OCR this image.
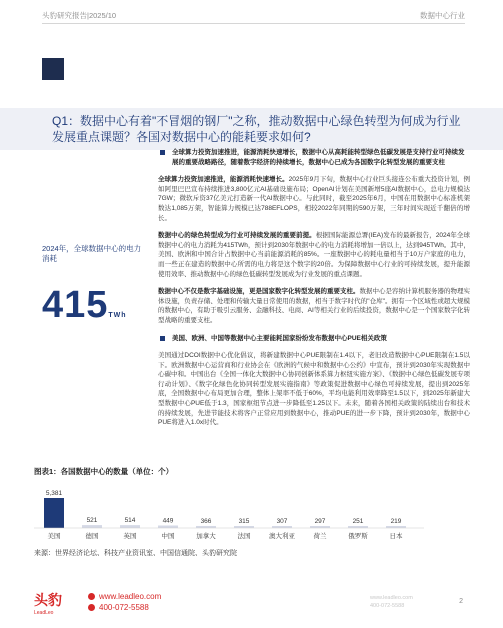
头豹研究报告|2025/10	数据中心行业
Q1：数据中心有着"不冒烟的钢厂"之称，推动数据中心绿色转型为何成为行业发展重点课题？各国对数据中心的能耗要求如何?
2024年，全球数据中心的电力消耗
415TWh
全球算力投资加速推进，能源消耗快速增长，数据中心从高耗能转型绿色低碳发展是支持行业可持续发展的重要战略路径，随着数字经济的持续增长，数据中心已成为各国数字化转型发展的重要支柱
全球算力投资加速推进，能源消耗快速增长。2025年9月下旬，数据中心行业巨头接连公布重大投资计划，例如阿里巴巴宣布持续推进3,800亿元AI基础设施布局；OpenAI计划在美国新增5座AI数据中心，总电力规模达7GW；微软斥资37亿美元打造新一代AI数据中心。与此同时，截至2025年6月，中国在用数据中心标准机架数达1,085万架，智能算力规模已达788EFLOPS，相较2022年同期的590万架，三年时间实现近千翻倍的增长。
数据中心的绿色转型成为行业可持续发展的重要前提。根据国际能源总署(IEA)发布的最新报告，2024年全球数据中心的电力消耗为415TWh，预计到2030年数据中心的电力消耗将增加一倍以上，达到945TWh。其中，美国、欧洲和中国合计占数据中心当前能源消耗的85%。一座数据中心的耗电量相当于10万户家庭的电力，而一些正在建造的数据中心所需的电力将是这个数字的20倍。为保障数据中心行业的可持续发展，提升能源使用效率、推动数据中心的绿色低碳转型发展成为行业发展的重点课题。
数据中心不仅是数字基础设施，更是国家数字化转型发展的重要支柱。数据中心是容纳计算机服务器的物理实体设施，负责存储、处理和传输大量日常使用的数据，相当于数字时代的"仓库"。拥有一个区域性或超大规模的数据中心，有助于吸引云服务、金融科技、电商、AI等相关行业的后续投资，数据中心是一个国家数字化转型战略的重要支柱。
美国、欧洲、中国等数据中心主要能耗国家纷纷发布数据中心PUE相关政策
美国通过DCOI数据中心优化倡议，将新建数据中心PUE限制在1.4以下，老旧改造数据中心PUE限制在1.5以下。欧洲数据中心运营商和行业协会在《欧洲的气候中和数据中心公约》中宣布，预计到2030年实现数据中心碳中和。中国出台《全国一体化大数据中心协同创新体系算力枢纽实施方案》、《数据中心绿色低碳发展专项行动计划》、《数字化绿色化协同转型发展实施指南》等政策促进数据中心绿色可持续发展，提出到2025年底，全国数据中心布局更加合理，整体上架率不低于60%，平均电能利用效率降至1.5以下，到2025年新建大型数据中心PUE低于1.3，国家枢纽节点进一步降低至1.25以下。未来，随着各国相关政策的陆续出台和技术的持续发展，先进节能技术将客户正常应用到数据中心，推动PUE的进一步下降，预计到2030年，数据中心PUE将进入1.0x时代。
图表1：各国数据中心的数量（单位：个）
5,381
美国
521
德国
514
英国
449
中国
366
加拿大
315
法国
307
澳大利亚
297
荷兰
251
俄罗斯
219
日本
来源：世界经济论坛、科技产业资讯室、中国信通院、头豹研究院
头豹
LeadLeo
www.leadleo.com
400-072-5588
www.leadleo.com
400-072-5588
2
